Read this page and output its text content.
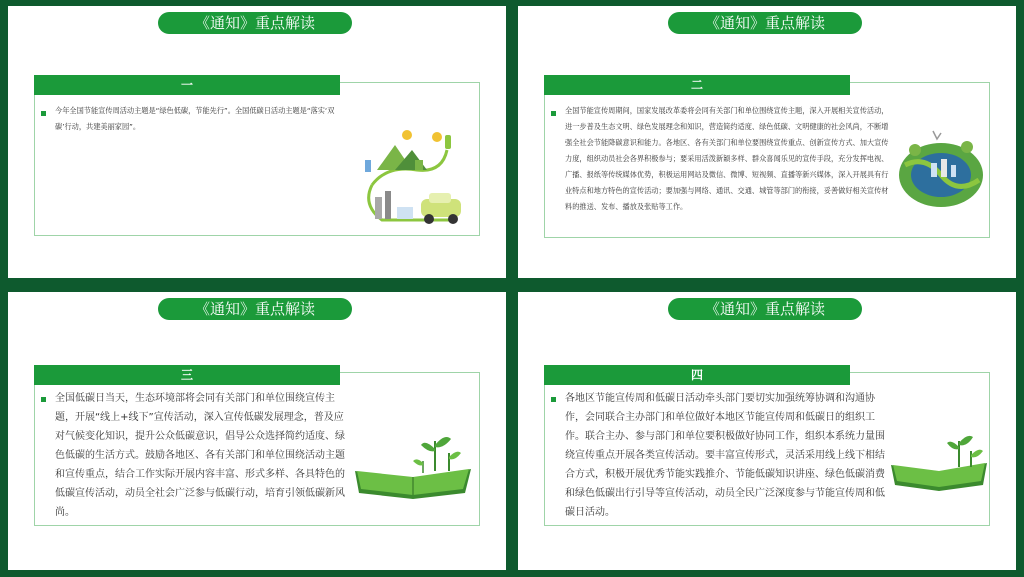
《通知》重点解读
一
今年全国节能宣传周活动主题是“绿色低碳，节能先行”。全国低碳日活动主题是“落实‘双碳’行动，共建美丽家园”。
《通知》重点解读
二
全国节能宣传周期间，国家发展改革委将会同有关部门和单位围绕宣传主题，深入开展相关宣传活动，进一步普及生态文明、绿色发展理念和知识，营造简约适度、绿色低碳、文明健康的社会风尚，不断增强全社会节能降碳意识和能力。各地区、各有关部门和单位要围绕宣传重点、创新宣传方式、加大宣传力度，组织动员社会各界积极参与；要采用活泼新颖多样、群众喜闻乐见的宣传手段，充分发挥电视、广播、报纸等传统媒体优势，积极运用网站及微信、微博、短视频、直播等新兴媒体，深入开展具有行业特点和地方特色的宣传活动；要加强与网络、通讯、交通、城管等部门的衔接，妥善做好相关宣传材料的推送、发布、播放及张贴等工作。
《通知》重点解读
三
全国低碳日当天，生态环境部将会同有关部门和单位围绕宣传主题，开展“线上+线下”宣传活动，深入宣传低碳发展理念，普及应对气候变化知识，提升公众低碳意识，倡导公众选择简约适度、绿色低碳的生活方式。鼓励各地区、各有关部门和单位围绕活动主题和宣传重点，结合工作实际开展内容丰富、形式多样、各具特色的低碳宣传活动，动员全社会广泛参与低碳行动，培育引领低碳新风尚。
《通知》重点解读
四
各地区节能宣传周和低碳日活动牵头部门要切实加强统筹协调和沟通协作，会同联合主办部门和单位做好本地区节能宣传周和低碳日的组织工作。联合主办、参与部门和单位要积极做好协同工作，组织本系统力量围绕宣传重点开展各类宣传活动。要丰富宣传形式，灵活采用线上线下相结合方式，积极开展优秀节能实践推介、节能低碳知识讲座、绿色低碳消费和绿色低碳出行引导等宣传活动，动员全民广泛深度参与节能宣传周和低碳日活动。
